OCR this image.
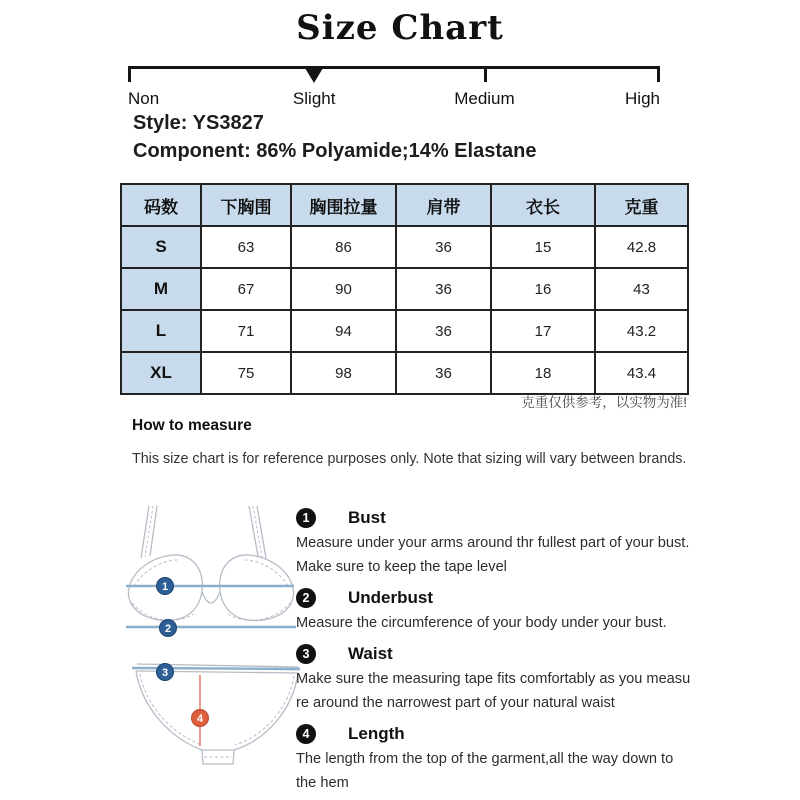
Size Chart
Non	Slight	Medium	High
Style: YS3827
Component: 86% Polyamide;14% Elastane
码数	下胸围	胸围拉量	肩带	衣长	克重
S	63	86	36	15	42.8
M	67	90	36	16	43
L	71	94	36	17	43.2
XL	75	98	36	18	43.4
克重仅供参考，以实物为准!
How to measure
This size chart is for reference purposes only. Note that sizing will vary between brands.
1
2
3
4
1	Bust
Measure under your arms around thr fullest part of your bust.
Make sure to keep the tape level
2	Underbust
Measure the circumference of your body under your bust.
3	Waist
Make sure the measuring tape fits comfortably as you measu
re around the narrowest part of your natural waist
4	Length
The length from the top of the garment,all the way down to
the hem
